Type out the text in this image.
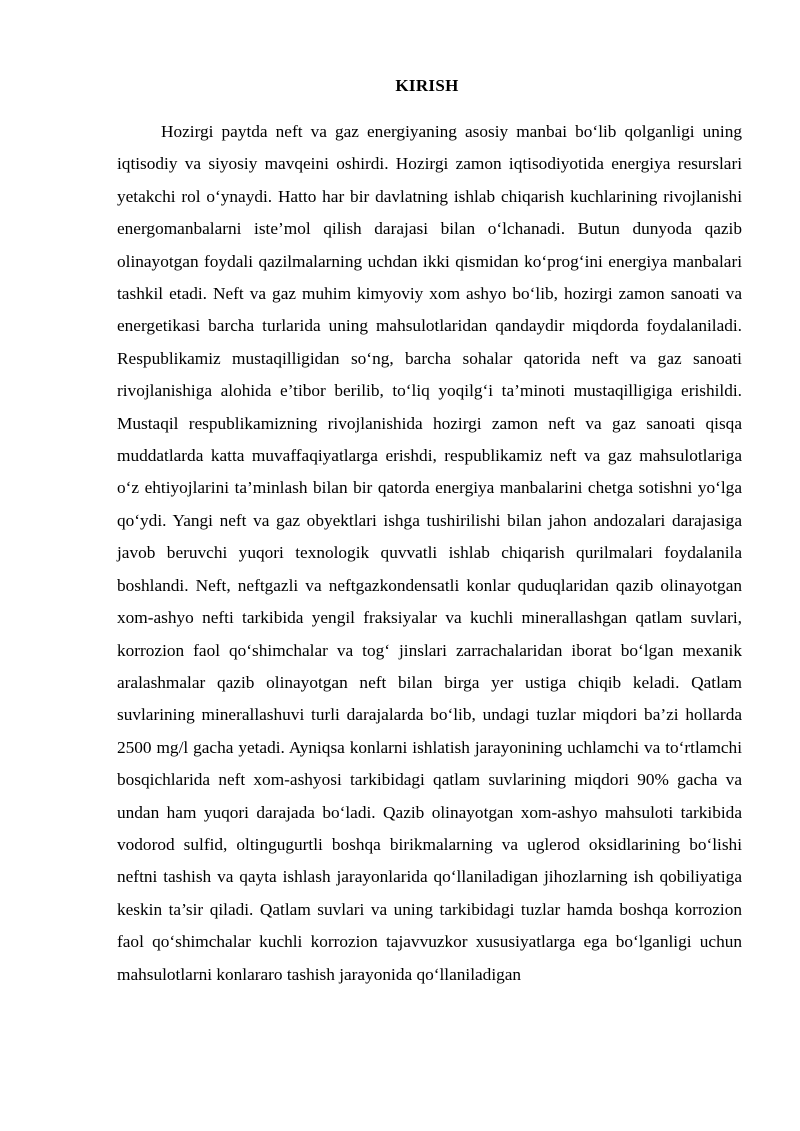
KIRISH

Hozirgi paytda neft va gaz energiyaning asosiy manbai bo‘lib qolganligi uning iqtisodiy va siyosiy mavqeini oshirdi. Hozirgi zamon iqtisodiyotida energiya resurslari yetakchi rol o‘ynaydi. Hatto har bir davlatning ishlab chiqarish kuchlarining rivojlanishi energomanbalarni iste’mol qilish darajasi bilan o‘lchanadi. Butun dunyoda qazib olinayotgan foydali qazilmalarning uchdan ikki qismidan ko‘prog‘ini energiya manbalari tashkil etadi. Neft va gaz muhim kimyoviy xom ashyo bo‘lib, hozirgi zamon sanoati va energetikasi barcha turlarida uning mahsulotlaridan qandaydir miqdorda foydalaniladi. Respublikamiz mustaqilligidan so‘ng, barcha sohalar qatorida neft va gaz sanoati rivojlanishiga alohida e’tibor berilib, to‘liq yoqilg‘i ta’minoti mustaqilligiga erishildi. Mustaqil respublikamizning rivojlanishida hozirgi zamon neft va gaz sanoati qisqa muddatlarda katta muvaffaqiyatlarga erishdi, respublikamiz neft va gaz mahsulotlariga o‘z ehtiyojlarini ta’minlash bilan bir qatorda energiya manbalarini chetga sotishni yo‘lga qo‘ydi. Yangi neft va gaz obyektlari ishga tushirilishi bilan jahon andozalari darajasiga javob beruvchi yuqori texnologik quvvatli ishlab chiqarish qurilmalari foydalanila boshlandi. Neft, neftgazli va neftgazkondensatli konlar quduqlaridan qazib olinayotgan xom-ashyo nefti tarkibida yengil fraksiyalar va kuchli minerallashgan qatlam suvlari, korrozion faol qo‘shimchalar va tog‘ jinslari zarrachalaridan iborat bo‘lgan mexanik aralashmalar qazib olinayotgan neft bilan birga yer ustiga chiqib keladi. Qatlam suvlarining minerallashuvi turli darajalarda bo‘lib, undagi tuzlar miqdori ba’zi hollarda 2500 mg/l gacha yetadi. Ayniqsa konlarni ishlatish jarayonining uchlamchi va to‘rtlamchi bosqichlarida neft xom-ashyosi tarkibidagi qatlam suvlarining miqdori 90% gacha va undan ham yuqori darajada bo‘ladi. Qazib olinayotgan xom-ashyo mahsuloti tarkibida vodorod sulfid, oltingugurtli boshqa birikmalarning va uglerod oksidlarining bo‘lishi neftni tashish va qayta ishlash jarayonlarida qo‘llaniladigan jihozlarning ish qobiliyatiga keskin ta’sir qiladi. Qatlam suvlari va uning tarkibidagi tuzlar hamda boshqa korrozion faol qo‘shimchalar kuchli korrozion tajavvuzkor xususiyatlarga ega bo‘lganligi uchun mahsulotlarni konlararo tashish jarayonida qo‘llaniladigan
